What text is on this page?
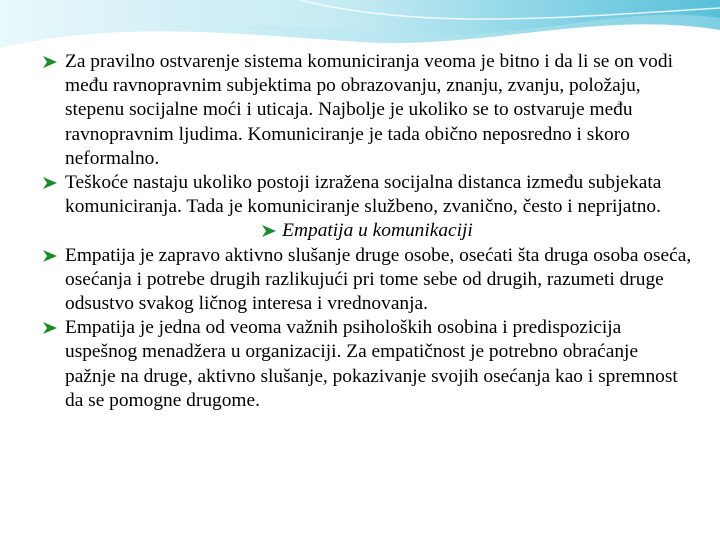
Za pravilno ostvarenje sistema komuniciranja veoma je bitno i da li se on vodi među ravnopravnim subjektima po obrazovanju, znanju, zvanju, položaju, stepenu socijalne moći i uticaja. Najbolje je ukoliko se to ostvaruje među ravnopravnim ljudima. Komuniciranje je tada obično neposredno i skoro neformalno.
Teškoće nastaju ukoliko postoji izražena socijalna distanca između subjekata komuniciranja. Tada je komuniciranje službeno, zvanično, često i neprijatno.
Empatija u komunikaciji
Empatija je zapravo aktivno slušanje druge osobe, osećati šta druga osoba oseća, osećanja i potrebe drugih razlikujući pri tome sebe od drugih, razumeti druge odsustvo svakog ličnog interesa i vrednovanja.
Empatija je jedna od veoma važnih psiholoških osobina i predispozicija uspešnog menadžera u organizaciji. Za empatičnost je potrebno obraćanje pažnje na druge, aktivno slušanje, pokazivanje svojih osećanja kao i spremnost da se pomogne drugome.
